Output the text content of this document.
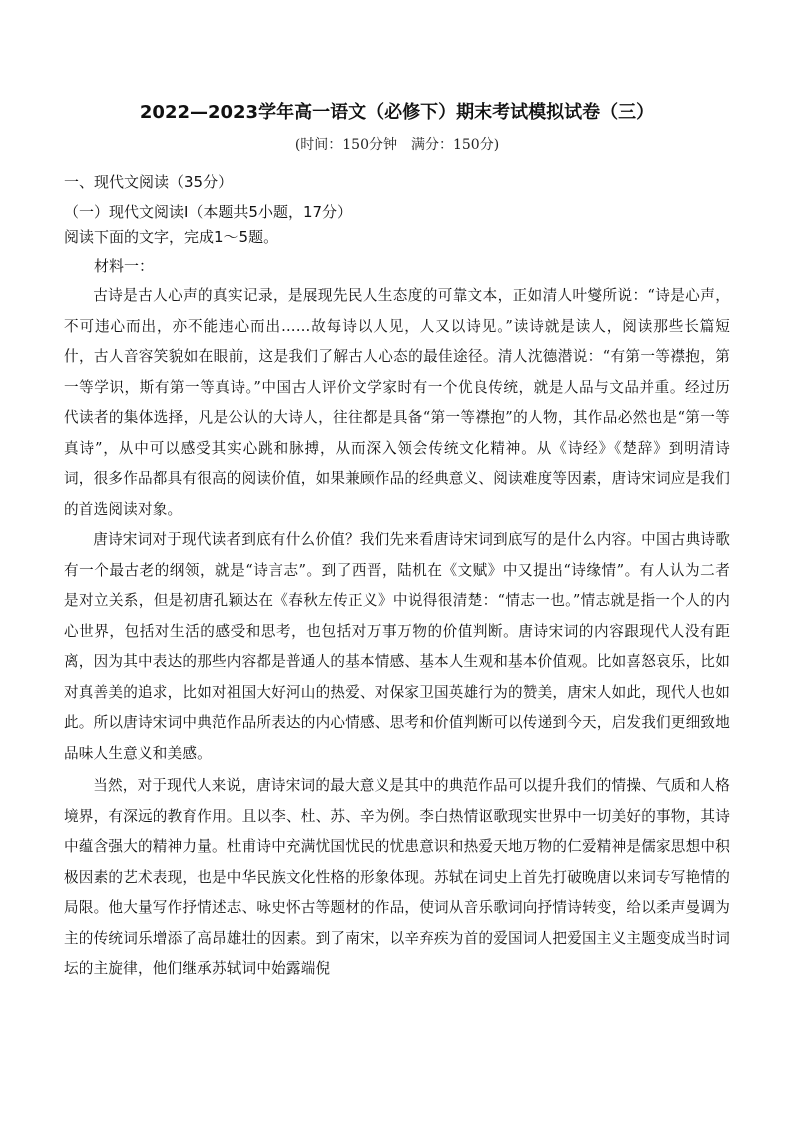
2022—2023学年高一语文（必修下）期末考试模拟试卷（三）
(时间：150分钟　满分：150分)
一、现代文阅读（35分）
（一）现代文阅读Ⅰ（本题共5小题，17分）
阅读下面的文字，完成1～5题。
材料一：

古诗是古人心声的真实记录，是展现先民人生态度的可靠文本，正如清人叶燮所说：“诗是心声，不可违心而出，亦不能违心而出……故每诗以人见，人又以诗见。”读诗就是读人，阅读那些长篇短什，古人音容笑貌如在眼前，这是我们了解古人心态的最佳途径。清人沈德潜说：“有第一等襟抱，第一等学识，斯有第一等真诗。”中国古人评价文学家时有一个优良传统，就是人品与文品并重。经过历代读者的集体选择，凡是公认的大诗人，往往都是具备“第一等襟抱”的人物，其作品必然也是“第一等真诗”，从中可以感受其实心跳和脉搏，从而深入领会传统文化精神。从《诗经》《楚辞》到明清诗词，很多作品都具有很高的阅读价值，如果兼顾作品的经典意义、阅读难度等因素，唐诗宋词应是我们的首选阅读对象。

唐诗宋词对于现代读者到底有什么价值？我们先来看唐诗宋词到底写的是什么内容。中国古典诗歌有一个最古老的纲领，就是“诗言志”。到了西晋，陆机在《文赋》中又提出“诗缘情”。有人认为二者是对立关系，但是初唐孔颖达在《春秋左传正义》中说得很清楚：“情志一也。”情志就是指一个人的内心世界，包括对生活的感受和思考，也包括对万事万物的价值判断。唐诗宋词的内容跟现代人没有距离，因为其中表达的那些内容都是普通人的基本情感、基本人生观和基本价值观。比如喜怒哀乐，比如对真善美的追求，比如对祖国大好河山的热爱、对保家卫国英雄行为的赞美，唐宋人如此，现代人也如此。所以唐诗宋词中典范作品所表达的内心情感、思考和价值判断可以传递到今天，启发我们更细致地品味人生意义和美感。

当然，对于现代人来说，唐诗宋词的最大意义是其中的典范作品可以提升我们的情操、气质和人格境界，有深远的教育作用。且以李、杜、苏、辛为例。李白热情讴歌现实世界中一切美好的事物，其诗中蕴含强大的精神力量。杜甫诗中充满忧国忧民的忧患意识和热爱天地万物的仁爱精神是儒家思想中积极因素的艺术表现，也是中华民族文化性格的形象体现。苏轼在词史上首先打破晚唐以来词专写艳情的局限。他大量写作抒情述志、咏史怀古等题材的作品，使词从音乐歌词向抒情诗转变，给以柔声曼调为主的传统词乐增添了高昂雄壮的因素。到了南宋，以辛弃疾为首的爱国词人把爱国主义主题变成当时词坛的主旋律，他们继承苏轼词中始露端倪
